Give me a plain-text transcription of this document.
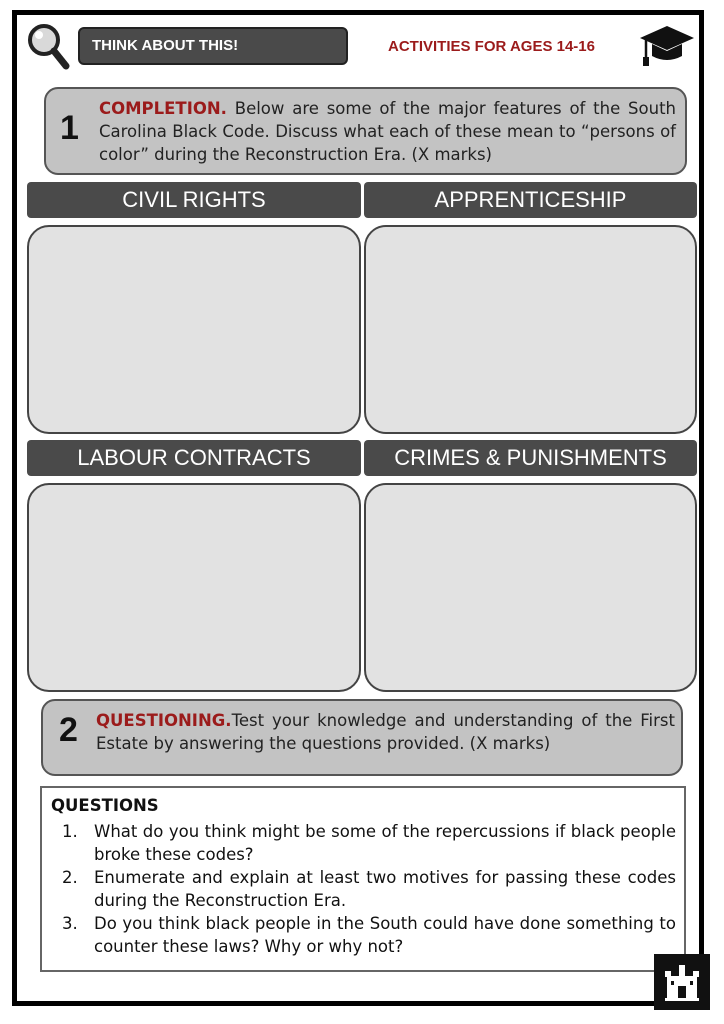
THINK ABOUT THIS!	ACTIVITIES FOR AGES 14-16
1
COMPLETION. Below are some of the major features of the South Carolina Black Code. Discuss what each of these mean to “persons of color” during the Reconstruction Era. (X marks)
CIVIL RIGHTS	APPRENTICESHIP
LABOUR CONTRACTS	CRIMES & PUNISHMENTS
2 QUESTIONING.Test your knowledge and understanding of the First Estate by answering the questions provided. (X marks)
QUESTIONS
1. What do you think might be some of the repercussions if black people broke these codes?
2. Enumerate and explain at least two motives for passing these codes during the Reconstruction Era.
3. Do you think black people in the South could have done something to counter these laws? Why or why not?
